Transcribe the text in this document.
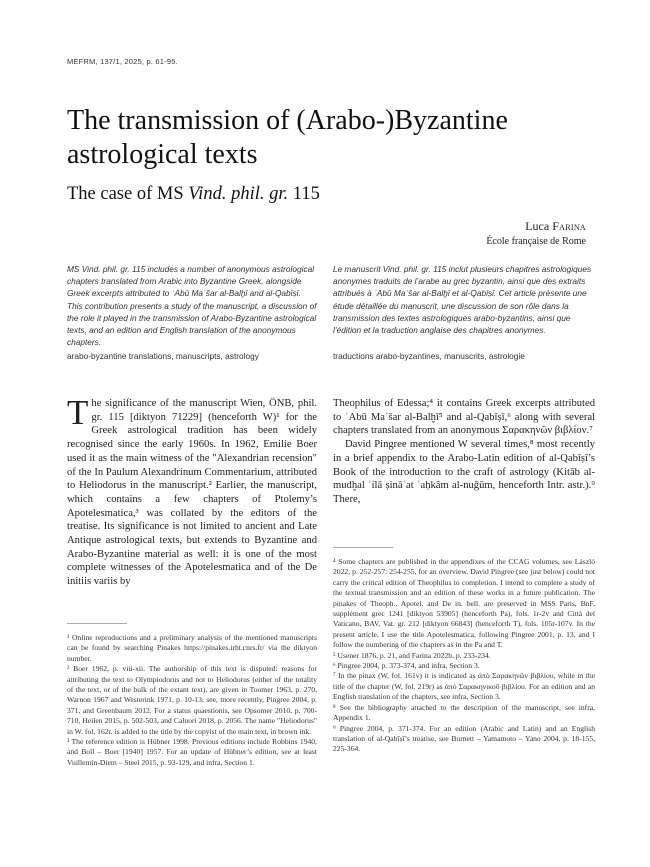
MEFRM, 137/1, 2025, p. 61-95.
The transmission of (Arabo-)Byzantine
astrological texts
The case of MS Vind. phil. gr. 115
Luca Farina
École française de Rome
MS Vind. phil. gr. 115 includes a number of anonymous astrological chapters translated from Arabic into Byzantine Greek, alongside Greek excerpts attributed to ʾAbū Maʿšar al-Balḫī and al-Qabīṣī. This contribution presents a study of the manuscript, a discussion of the role it played in the transmission of Arabo-Byzantine astrological texts, and an edition and English translation of the anonymous chapters.
Le manuscrit Vind. phil. gr. 115 inclut plusieurs chapitres astrologiques anonymes traduits de l’arabe au grec byzantin, ainsi que des extraits attribués à ʾAbū Maʿšar al-Balḫī et al-Qabīṣī. Cet article présente une étude détaillée du manuscrit, une discussion de son rôle dans la transmission des textes astrologiques arabo-byzantins, ainsi que l’édition et la traduction anglaise des chapitres anonymes.
arabo-byzantine translations, manuscripts, astrology	traductions arabo-byzantines, manuscrits, astrologie
The significance of the manuscript Wien, ÖNB, phil. gr. 115 [diktyon 71229] (henceforth W)¹ for the Greek astrological tradition has been widely recognised since the early 1960s. In 1962, Emilie Boer used it as the main witness of the "Alexandrian recension" of the In Paulum Alexandrinum Commentarium, attributed to Heliodorus in the manuscript.² Earlier, the manuscript, which contains a few chapters of Ptolemy’s Apotelesmatica,³ was collated by the editors of the treatise. Its significance is not limited to ancient and Late Antique astrological texts, but extends to Byzantine and Arabo-Byzantine material as well: it is one of the most complete witnesses of the Apotelesmatica and of the De initiis variis by
Theophilus of Edessa;⁴ it contains Greek excerpts attributed to ʾAbū Maʿšar al-Balḫī⁵ and al-Qabīṣī,⁶ along with several chapters translated from an anonymous Σαρακηνῶν βιβλίον.⁷
David Pingree mentioned W several times,⁸ most recently in a brief appendix to the Arabo-Latin edition of al-Qabīṣī’s Book of the introduction to the craft of astrology (Kitāb al-mudḫal ʾilā ṣināʿat ʾaḥkām al-nuǧūm, henceforth Intr. astr.).⁹ There,

¹ Online reproductions and a preliminary analysis of the mentioned manuscripts can be found by searching Pinakes https://pinakes.irht.cnrs.fr/ via the diktyon number.

² Boer 1962, p. viii-xii. The authorship of this text is disputed: reasons for attributing the text to Olympiodorus and not to Heliodorus (either of the totality of the text, or of the bulk of the extant text), are given in Toomer 1963, p. 270, Warnon 1967 and Westerink 1971, p. 10-13; see, more recently, Pingree 2004, p. 371, and Greenbaum 2012. For a status quaestionis, see Opsomer 2010, p. 700-710, Heilen 2015, p. 502-503, and Caluori 2018, p. 2056. The name "Heliodorus" in W. fol. 162r. is added to the title by the copyist of the main text, in brown ink.

³ The reference edition is Hübner 1998. Previous editions include Robbins 1940, and Boll – Boer [1940] 1957. For an update of Hübner’s edition, see at least Vuillemin-Diem – Steel 2015, p. 93-129, and infra, Section 1.

⁴ Some chapters are published in the appendixes of the CCAG volumes, see László 2022, p. 252-257: 254-255, for an overview. David Pingree (see just below) could not carry the critical edition of Theophilus to completion. I intend to complete a study of the textual transmission and an edition of these works in a future publication. The pinakes of Theoph., Apotel. and De in. bell. are preserved in MSS Paris, BnF, supplément grec 1241 [diktyon 53905] (henceforth Pa), fols. 1r-2v and Città del Vaticano, BAV, Vat. gr. 212 [diktyon 66843] (henceforth T), fols. 105r-107v. In the present article, I use the title Apotelesmatica, following Pingree 2001, p. 13, and I follow the numbering of the chapters as in the Pa and T.

⁵ Usener 1876, p. 21, and Farina 2022b, p. 233-234.

⁶ Pingree 2004, p. 373-374, and infra, Section 3.

⁷ In the pinax (W, fol. 161v) it is indicated as ἀπὸ Σαρακηνῶν βιβλίου, while in the title of the chapter (W, fol. 219r) as ἀπὸ Σαρακηνικοῦ βιβλίου. For an edition and an English translation of the chapters, see infra, Section 3.

⁸ See the bibliography attached to the description of the manuscript, see infra, Appendix 1.

⁹ Pingree 2004, p. 371-374. For an edition (Arabic and Latin) and an English translation of al-Qabīṣī’s treatise, see Burnett – Yamamoto – Yano 2004, p. 18-155, 225-364.
